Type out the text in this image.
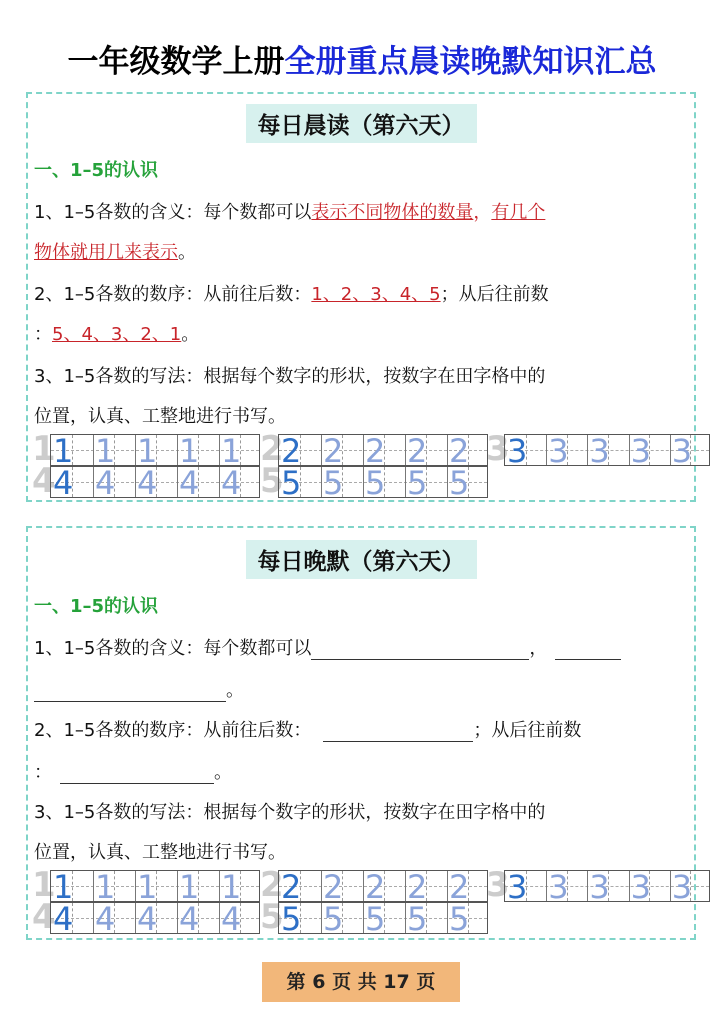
一年级数学上册全册重点晨读晚默知识汇总
每日晨读（第六天）
一、1–5的认识
1、1–5各数的含义：每个数都可以表示不同物体的数量，有几个
物体就用几来表示。
2、1–5各数的数序：从前往后数：1、2、3、4、5；从后往前数
：5、4、3、2、1。
3、1–5各数的写法：根据每个数字的形状，按数字在田字格中的
位置，认真、工整地进行书写。
1
1 1 1 1 1 2
2 2 2 2 2 3
3 3 3 3 3
4
4 4 4 4 4 5
5 5 5 5 5
每日晚默（第六天）
一、1–5的认识
1、1–5各数的含义：每个数都可以	，
。
2、1–5各数的数序：从前往后数：	；从后往前数
：	。
3、1–5各数的写法：根据每个数字的形状，按数字在田字格中的
位置，认真、工整地进行书写。
1
1 1 1 1 1 2
2 2 2 2 2 3
3 3 3 3 3
4
4 4 4 4 4 5
5 5 5 5 5
第 6 页 共 17 页
